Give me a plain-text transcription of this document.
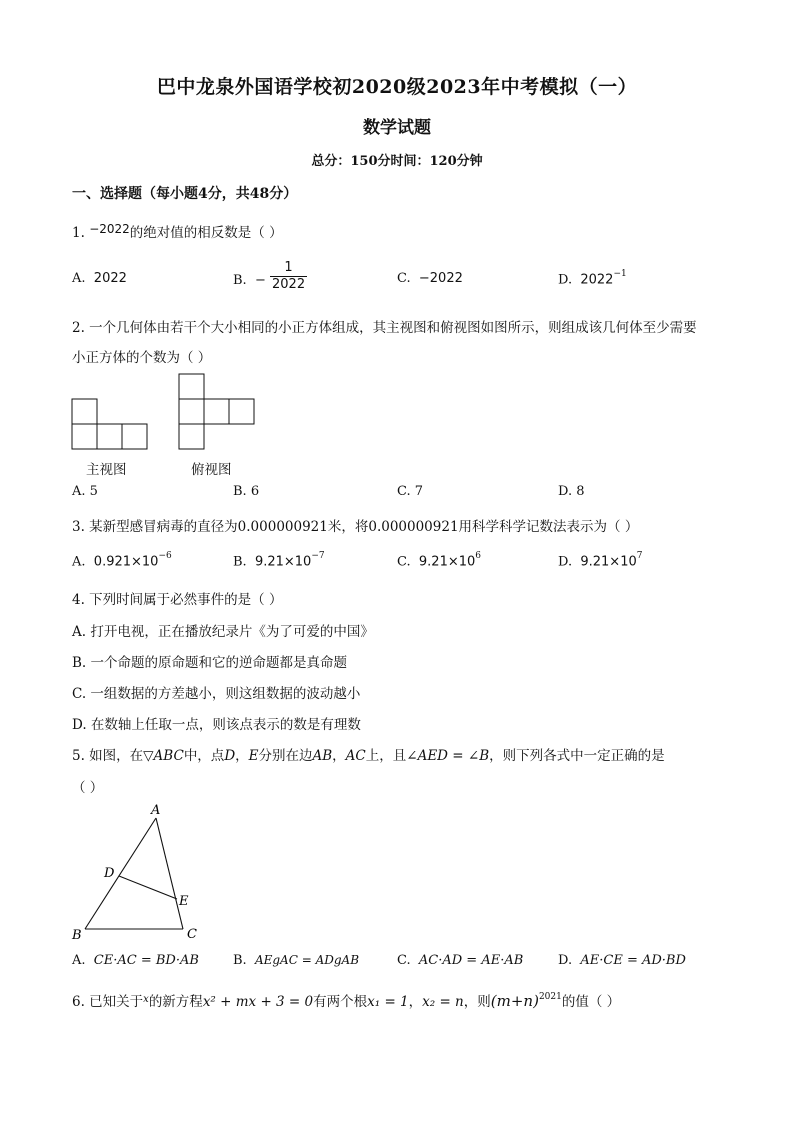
巴中龙泉外国语学校初2020级2023年中考模拟（一）
数学试题
总分：150分时间：120分钟
一、选择题（每小题4分，共48分）
1. −2022的绝对值的相反数是（ ）
A. 2022	B. − $\frac{1}{2022}$	C. −2022	D. $2022^{-1}$
2. 一个几何体由若干个大小相同的小正方体组成，其主视图和俯视图如图所示，则组成该几何体至少需要
小正方体的个数为（ ）
主视图	俯视图
A. 5	B. 6	C. 7	D. 8
3. 某新型感冒病毒的直径为0.000000921米，将0.000000921用科学科学记数法表示为（ ）
A. $0.921\times 10^{-6}$	B. $9.21\times 10^{-7}$	C. $9.21\times 10^6$	D. $9.21\times 10^7$
4. 下列时间属于必然事件的是（ ）
A. 打开电视，正在播放纪录片《为了可爱的中国》
B. 一个命题的原命题和它的逆命题都是真命题
C. 一组数据的方差越小，则这组数据的波动越小
D. 在数轴上任取一点，则该点表示的数是有理数
5. 如图，在▽ABC中，点D，E分别在边AB，AC上，且∠AED = ∠B，则下列各式中一定正确的是
（ ）
A
B	C
D
E
A. CE·AC = BD·AB	B. AEgAC = ADgAB	C. AC·AD = AE·AB	D. AE·CE = AD·BD
6. 已知关于$^x$的新方程x² + mx + 3 = 0有两个根x₁ = 1，x₂ = n，则$(m+n)^{2021}$的值（ ）
